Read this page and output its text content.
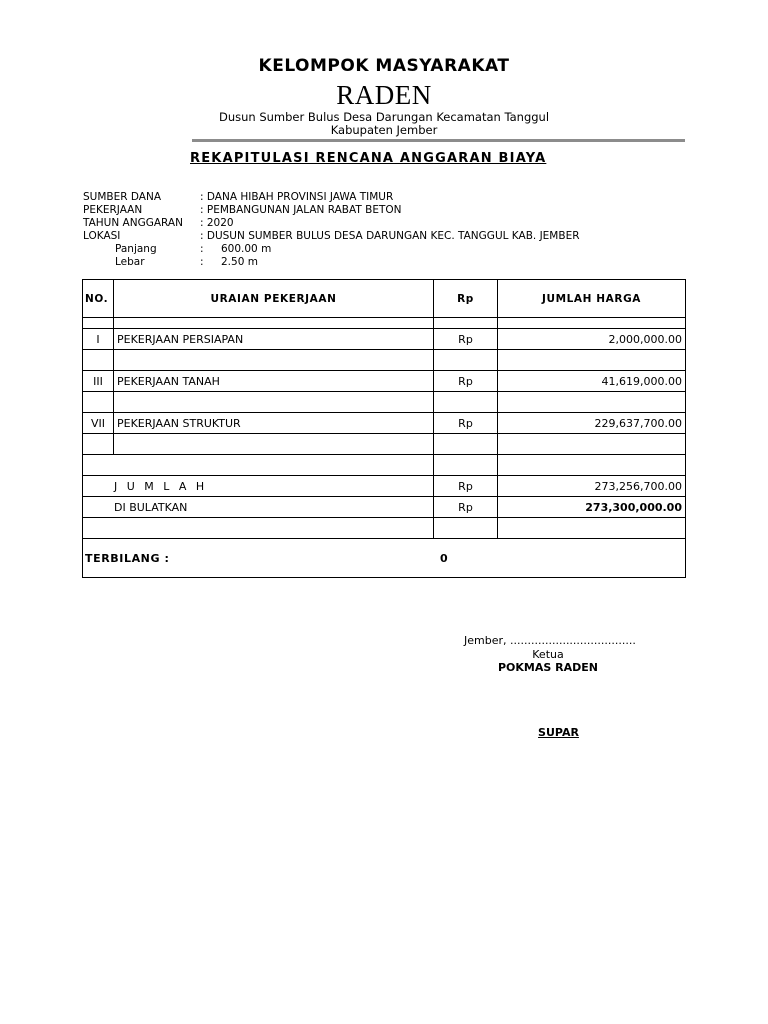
KELOMPOK MASYARAKAT
RADEN
Dusun Sumber Bulus Desa Darungan Kecamatan Tanggul
Kabupaten Jember
REKAPITULASI RENCANA ANGGARAN BIAYA
SUMBER DANA	: DANA HIBAH PROVINSI JAWA TIMUR
PEKERJAAN	: PEMBANGUNAN JALAN RABAT BETON
TAHUN ANGGARAN : 2020
LOKASI	: DUSUN SUMBER BULUS DESA DARUNGAN KEC. TANGGUL KAB. JEMBER
Panjang	: 600.00 m
Lebar	: 2.50 m
NO.	URAIAN PEKERJAAN	Rp	JUMLAH HARGA

I	PEKERJAAN PERSIAPAN	Rp	2,000,000.00

III	PEKERJAAN TANAH	Rp	41,619,000.00

VII	PEKERJAAN STRUKTUR	Rp	229,637,700.00

J U M L A H		Rp	273,256,700.00
DI BULATKAN		Rp	273,300,000.00

TERBILANG : 0			
Jember, ....................................
Ketua
POKMAS RADEN
SUPAR
